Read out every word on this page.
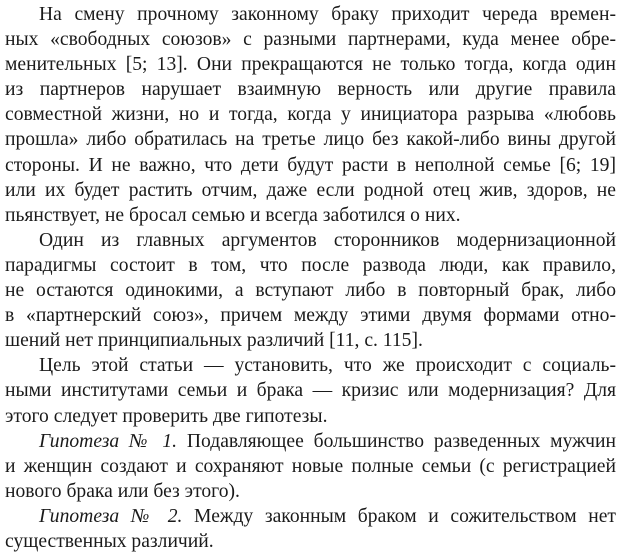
На смену прочному законному браку приходит череда времен-
ных «свободных союзов» с разными партнерами, куда менее обре-
менительных [5; 13]. Они прекращаются не только тогда, когда один
из партнеров нарушает взаимную верность или другие правила
совместной жизни, но и тогда, когда у инициатора разрыва «любовь
прошла» либо обратилась на третье лицо без какой-либо вины другой
стороны. И не важно, что дети будут расти в неполной семье [6; 19]
или их будет растить отчим, даже если родной отец жив, здоров, не
пьянствует, не бросал семью и всегда заботился о них.
Один из главных аргументов сторонников модернизационной
парадигмы состоит в том, что после развода люди, как правило,
не остаются одинокими, а вступают либо в повторный брак, либо
в «партнерский союз», причем между этими двумя формами отно-
шений нет принципиальных различий [11, с. 115].
Цель этой статьи — установить, что же происходит с социаль-
ными институтами семьи и брака — кризис или модернизация? Для
этого следует проверить две гипотезы.
Гипотеза № 1. Подавляющее большинство разведенных мужчин
и женщин создают и сохраняют новые полные семьи (с регистрацией
нового брака или без этого).
Гипотеза № 2. Между законным браком и сожительством нет
существенных различий.
